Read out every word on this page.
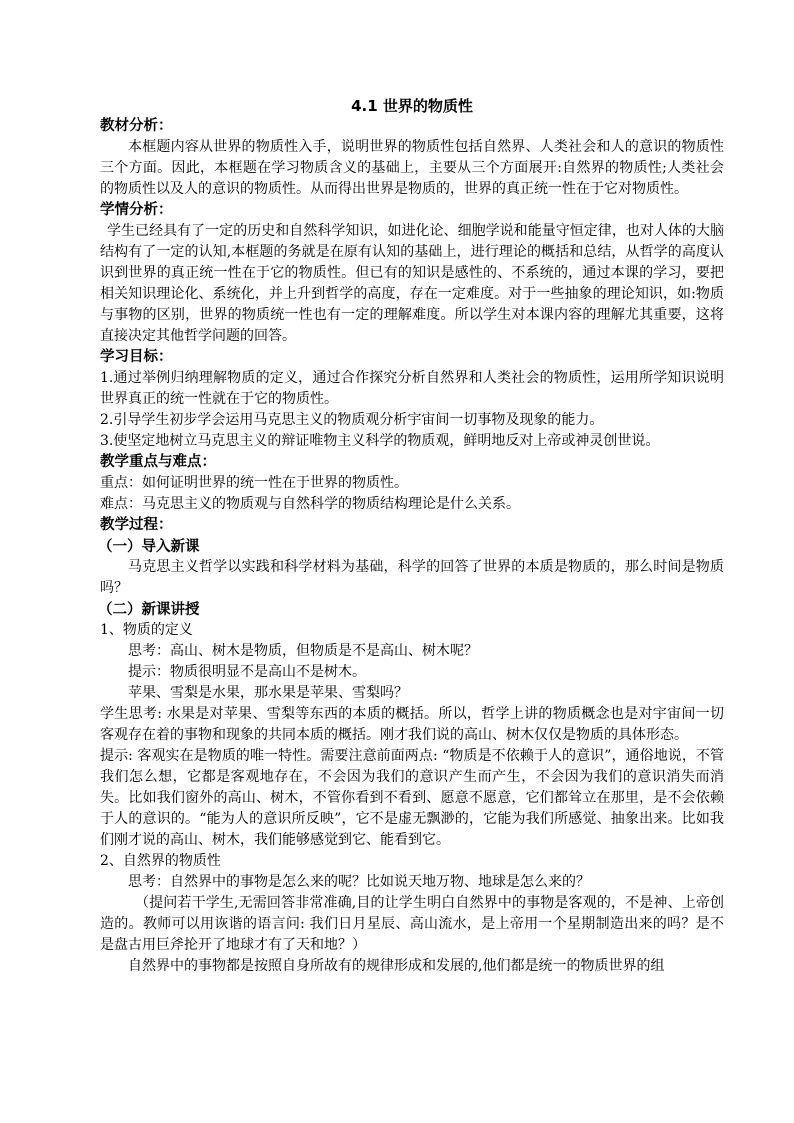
4.1 世界的物质性
教材分析：

本框题内容从世界的物质性入手，说明世界的物质性包括自然界、人类社会和人的意识的物质性三个方面。因此，本框题在学习物质含义的基础上，主要从三个方面展开:自然界的物质性;人类社会的物质性以及人的意识的物质性。从而得出世界是物质的，世界的真正统一性在于它对物质性。

学情分析：

学生已经具有了一定的历史和自然科学知识，如进化论、细胞学说和能量守恒定律，也对人体的大脑结构有了一定的认知,本框题的务就是在原有认知的基础上，进行理论的概括和总结，从哲学的高度认识到世界的真正统一性在于它的物质性。但已有的知识是感性的、不系统的，通过本课的学习，要把相关知识理论化、系统化，并上升到哲学的高度，存在一定难度。对于一些抽象的理论知识，如:物质与事物的区别，世界的物质统一性也有一定的理解难度。所以学生对本课内容的理解尤其重要，这将直接决定其他哲学问题的回答。

学习目标：

1.通过举例归纳理解物质的定义，通过合作探究分析自然界和人类社会的物质性，运用所学知识说明世界真正的统一性就在于它的物质性。

2.引导学生初步学会运用马克思主义的物质观分析宇宙间一切事物及现象的能力。

3.使坚定地树立马克思主义的辩证唯物主义科学的物质观，鲜明地反对上帝或神灵创世说。

教学重点与难点：

重点：如何证明世界的统一性在于世界的物质性。

难点：马克思主义的物质观与自然科学的物质结构理论是什么关系。

教学过程：
（一）导入新课

马克思主义哲学以实践和科学材料为基础，科学的回答了世界的本质是物质的，那么时间是物质吗？

（二）新课讲授

1、物质的定义

思考：高山、树木是物质，但物质是不是高山、树木呢？

提示：物质很明显不是高山不是树木。

苹果、雪梨是水果，那水果是苹果、雪梨吗？

学生思考: 水果是对苹果、雪梨等东西的本质的概括。所以，哲学上讲的物质概念也是对宇宙间一切客观存在着的事物和现象的共同本质的概括。刚才我们说的高山、树木仅仅是物质的具体形态。

提示: 客观实在是物质的唯一特性。需要注意前面两点: “物质是不依赖于人的意识”，通俗地说，不管我们怎么想，它都是客观地存在，不会因为我们的意识产生而产生，不会因为我们的意识消失而消失。比如我们窗外的高山、树木，不管你看到不看到、愿意不愿意，它们都耸立在那里，是不会依赖于人的意识的。“能为人的意识所反映”，它不是虚无飘渺的，它能为我们所感觉、抽象出来。比如我们刚才说的高山、树木，我们能够感觉到它、能看到它。

2、自然界的物质性

思考：自然界中的事物是怎么来的呢？比如说天地万物、地球是怎么来的？

（提问若干学生,无需回答非常准确,目的让学生明白自然界中的事物是客观的，不是神、上帝创造的。教师可以用诙谐的语言问: 我们日月星辰、高山流水，是上帝用一个星期制造出来的吗？是不是盘古用巨斧抡开了地球才有了天和地？）

自然界中的事物都是按照自身所故有的规律形成和发展的,他们都是统一的物质世界的组
